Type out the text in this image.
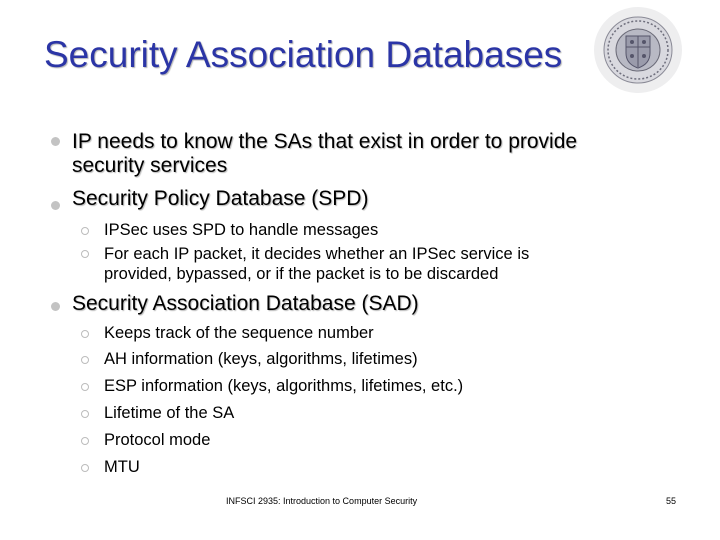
Security Association Databases
IP needs to know the SAs that exist in order to provide
security services
Security Policy Database (SPD)
IPSec uses SPD to handle messages
For each IP packet, it decides whether an IPSec service is
provided, bypassed, or if the packet is to be discarded
Security Association Database (SAD)
Keeps track of the sequence number
AH information (keys, algorithms, lifetimes)
ESP information (keys, algorithms, lifetimes, etc.)
Lifetime of the SA
Protocol mode
MTU
INFSCI 2935: Introduction to Computer Security	55
